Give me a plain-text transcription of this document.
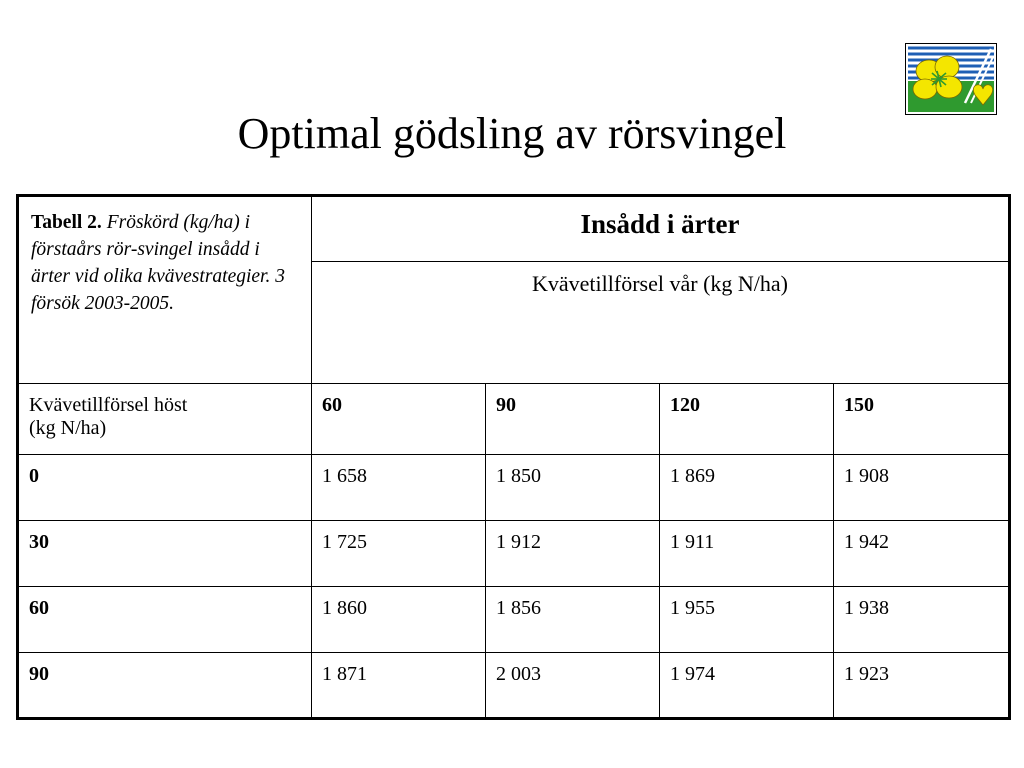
Optimal gödsling av rörsvingel
Tabell 2. Fröskörd (kg/ha) i förstaårs rör-svingel insådd i ärter vid olika kvävestrategier. 3 försök 2003-2005.	Insådd i ärter			
	Kvävetillförsel vår (kg N/ha)			
Kvävetillförsel höst
(kg N/ha)	60	90	120	150
0	1 658	1 850	1 869	1 908
30	1 725	1 912	1 911	1 942
60	1 860	1 856	1 955	1 938
90	1 871	2 003	1 974	1 923
